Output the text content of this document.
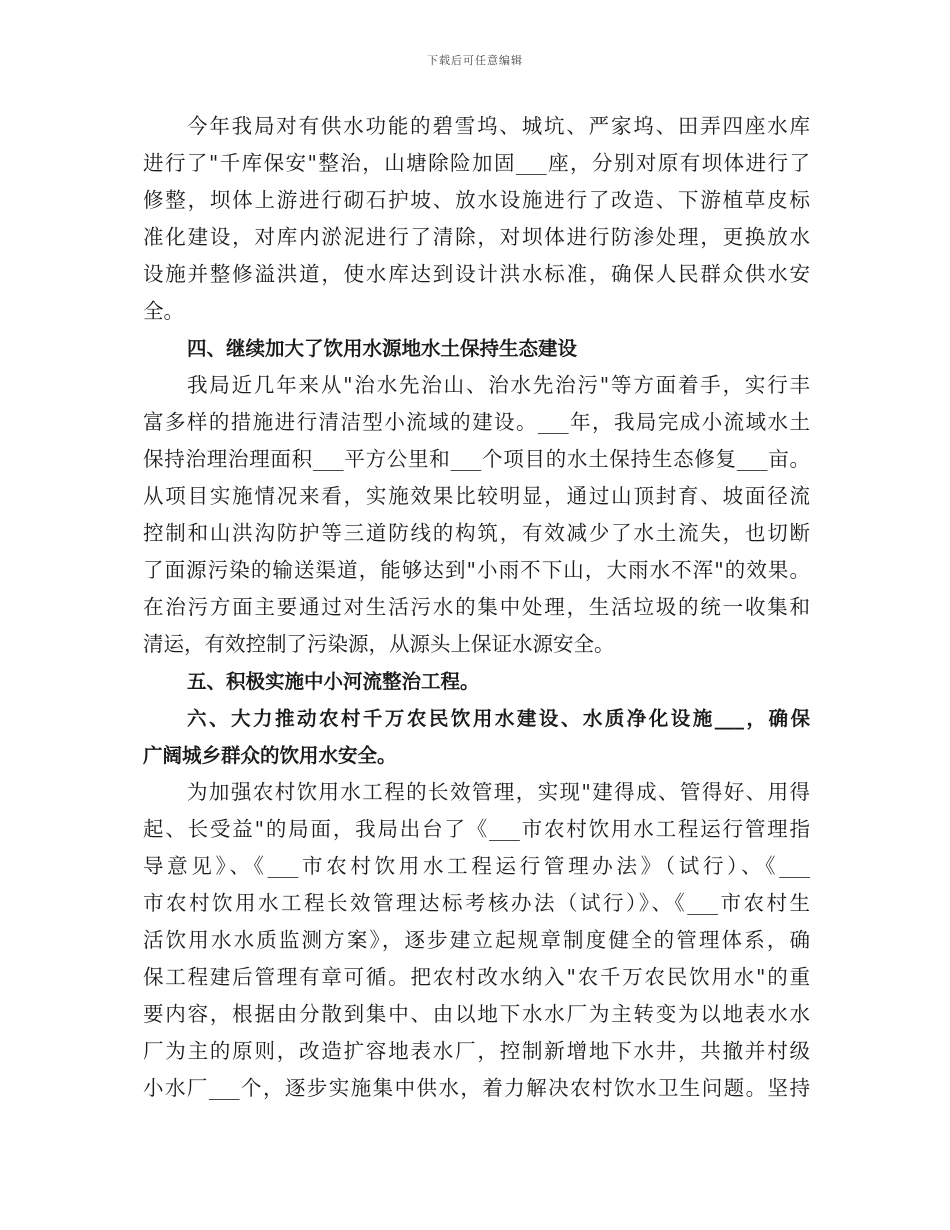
下载后可任意编辑
今年我局对有供水功能的碧雪坞、城坑、严家坞、田弄四座水库
进行了"千库保安"整治，山塘除险加固___座，分别对原有坝体进行了
修整，坝体上游进行砌石护坡、放水设施进行了改造、下游植草皮标
准化建设，对库内淤泥进行了清除，对坝体进行防渗处理，更换放水
设施并整修溢洪道，使水库达到设计洪水标准，确保人民群众供水安
全。
四、继续加大了饮用水源地水土保持生态建设
我局近几年来从"治水先治山、治水先治污"等方面着手，实行丰
富多样的措施进行清洁型小流域的建设。___年，我局完成小流域水土
保持治理治理面积___平方公里和___个项目的水土保持生态修复___亩。
从项目实施情况来看，实施效果比较明显，通过山顶封育、坡面径流
控制和山洪沟防护等三道防线的构筑，有效减少了水土流失，也切断
了面源污染的输送渠道，能够达到"小雨不下山，大雨水不浑"的效果。
在治污方面主要通过对生活污水的集中处理，生活垃圾的统一收集和
清运，有效控制了污染源，从源头上保证水源安全。
五、积极实施中小河流整治工程。
六、大力推动农村千万农民饮用水建设、水质净化设施___，确保
广阔城乡群众的饮用水安全。
为加强农村饮用水工程的长效管理，实现"建得成、管得好、用得
起、长受益"的局面，我局出台了《___市农村饮用水工程运行管理指
导意见》、《___市农村饮用水工程运行管理办法》（试行）、《___
市农村饮用水工程长效管理达标考核办法（试行）》、《___市农村生
活饮用水水质监测方案》，逐步建立起规章制度健全的管理体系，确
保工程建后管理有章可循。把农村改水纳入"农千万农民饮用水"的重
要内容，根据由分散到集中、由以地下水水厂为主转变为以地表水水
厂为主的原则，改造扩容地表水厂，控制新增地下水井，共撤并村级
小水厂___个，逐步实施集中供水，着力解决农村饮水卫生问题。坚持
